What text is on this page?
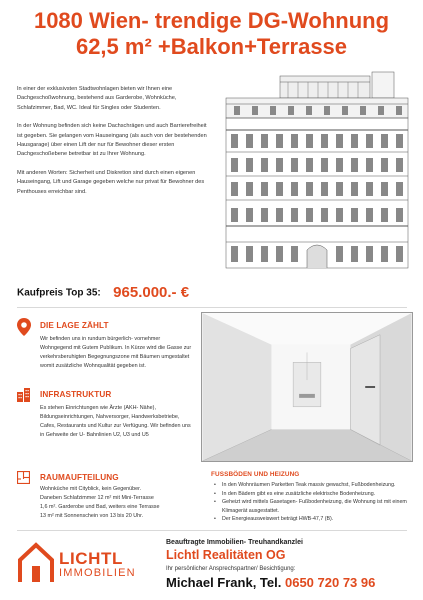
1080 Wien- trendige DG-Wohnung
62,5 m² +Balkon+Terrasse

In einer der exklusivsten Stadtwohnlagen bieten wir Ihnen eine Dachgeschoßwohnung, bestehend aus Garderobe, Wohnküche, Schlafzimmer, Bad, WC. Ideal für Singles oder Studenten.

In der Wohnung befinden sich keine Dachschrägen und auch Barrierefreiheit ist gegeben. Sie gelangen vom Hauseingang (als auch von der bestehenden Hausgarage) über einen Lift der nur für Bewohner dieser ersten Dachgeschoßebene betretbar ist zu Ihrer Wohnung.

Mit anderen Worten: Sicherheit und Diskretion sind durch einen eigenen Hauseingang, Lift und Garage gegeben welche nur privat für Bewohner des Penthouses erreichbar sind.

Kaufpreis Top 35: 965.000.- €
DIE LAGE ZÄHLT
Wir befinden uns in rundum bürgerlich- vornehmer Wohngegend mit Gutem Publikum. In Kürze wird die Gasse zur verkehrsberuhigten Begegnungszone mit Bäumen umgestaltet womit zusätzliche Wohnqualität gegeben ist.
INFRASTRUKTUR
Es stehen Einrichtungen wie Ärzte (AKH- Nähe), Bildungseinrichtungen, Nahversorger, Handwerksbetriebe, Cafes, Restaurants und Kultur zur Verfügung. Wir befinden uns in Gehweite der U- Bahnlinien U2, U3 und U5
RAUMAUFTEILUNG
Wohnküche mit Cityblick, kein Gegenüber.
Daneben Schlafzimmer 12 m² mit Mini-Terrasse
1,6 m². Garderobe und Bad, weiters eine Terrasse
13 m² mit Sonnenschein von 13 bis 20 Uhr.
FUSSBÖDEN UND HEIZUNG
• In den Wohnräumen Parketten Teak massiv gewachst, Fußbodenheizung.
• In den Bädern gibt es eine zusätzliche elektrische Bodenheizung.
• Geheizt wird mittels Gasetagen- Fußbodenheizung, die Wohnung ist mit einem Klimagerät ausgestattet.
• Der Energieausweiswert beträgt HWB-47,7 (B).
LICHTL
IMMOBILIEN
Beauftragte Immobilien- Treuhandkanzlei
Lichtl Realitäten OG
Ihr persönlicher Ansprechspartner/ Besichtigung:
Michael Frank, Tel. 0650 720 73 96
